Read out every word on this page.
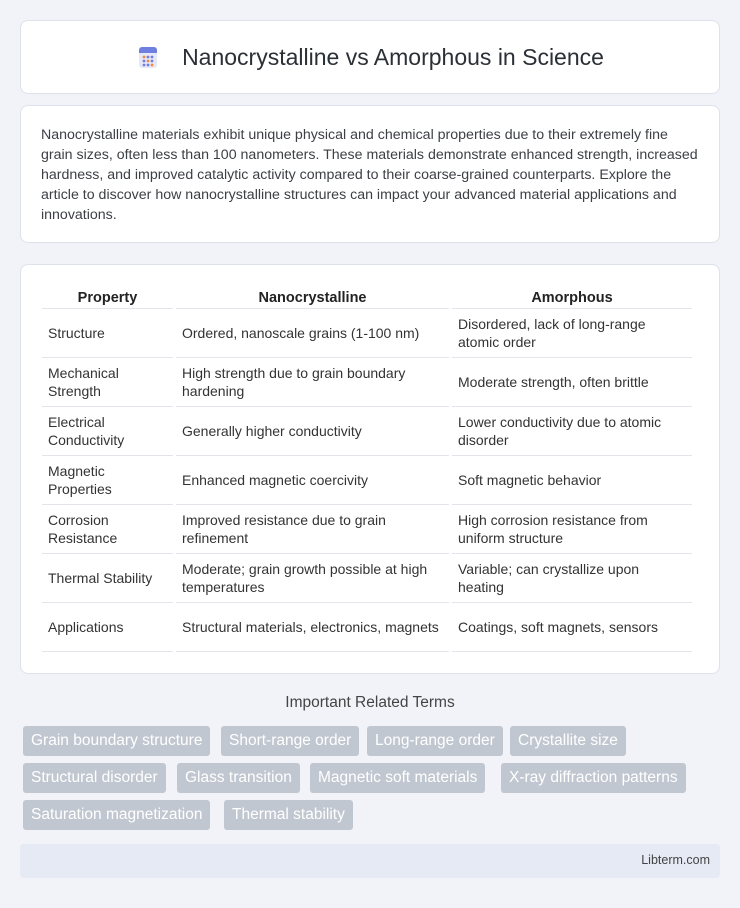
Nanocrystalline vs Amorphous in Science

Nanocrystalline materials exhibit unique physical and chemical properties due to their extremely fine grain sizes, often less than 100 nanometers. These materials demonstrate enhanced strength, increased hardness, and improved catalytic activity compared to their coarse-grained counterparts. Explore the article to discover how nanocrystalline structures can impact your advanced material applications and innovations.

Property	Nanocrystalline	Amorphous
Structure	Ordered, nanoscale grains (1-100 nm)	Disordered, lack of long-range atomic order
Mechanical Strength	High strength due to grain boundary hardening	Moderate strength, often brittle
Electrical Conductivity	Generally higher conductivity	Lower conductivity due to atomic disorder
Magnetic Properties	Enhanced magnetic coercivity	Soft magnetic behavior
Corrosion Resistance	Improved resistance due to grain refinement	High corrosion resistance from uniform structure
Thermal Stability	Moderate; grain growth possible at high temperatures	Variable; can crystallize upon heating
Applications	Structural materials, electronics, magnets	Coatings, soft magnets, sensors
Important Related Terms
Grain boundary structure	Short-range order	Long-range order	Crystallite size
Structural disorder	Glass transition	Magnetic soft materials	X-ray diffraction patterns
Saturation magnetization	Thermal stability
Libterm.com
